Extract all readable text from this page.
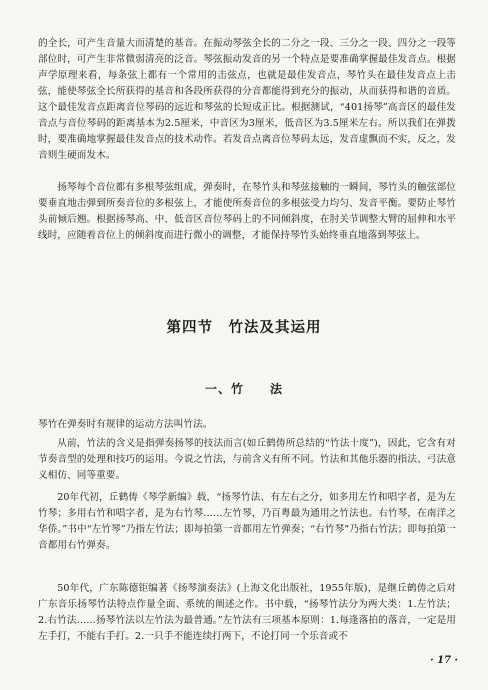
的全长，可产生音量大而清楚的基音。在振动琴弦全长的二分之一段、三分之一段、四分之一段等部位时，可产生非常微弱清亮的泛音。琴弦振动发音的另一个特点是要准确掌握最佳发音点。根据声学原理来看，每条弦上都有一个常用的击弦点，也就是最佳发音点，琴竹头在最佳发音点上击弦，能使琴弦全长所获得的基音和各段所获得的分音都能得到充分的振动，从而获得和谐的音质。这个最佳发音点距离音位琴码的远近和琴弦的长短成正比。根据测试，“401扬琴”高音区的最佳发音点与音位琴码的距离基本为2.5厘米，中音区为3厘米，低音区为3.5厘米左右。所以我们在弹拨时，要准确地掌握最佳发音点的技术动作。若发音点离音位琴码太远，发音虚飘而不实，反之，发音则生硬而发木。

扬琴每个音位都有多根琴弦组成，弹奏时，在琴竹头和琴弦接触的一瞬间，琴竹头的触弦部位要垂直地击弹到所奏音位的多根弦上，才能使所奏音位的多根弦受力均匀、发音平衡。要防止琴竹头前倾后翘。根据扬琴高、中、低音区音位琴码上的不同倾斜度，在肘关节调整大臂的屈伸和水平线时，应随着音位上的倾斜度而进行微小的调整，才能保持琴竹头始终垂直地落到琴弦上。

第四节　竹法及其运用
一、竹　　法

琴竹在弹奏时有规律的运动方法叫竹法。

从前，竹法的含义是指弹奏扬琴的技法而言(如丘鹤俦所总结的“竹法十度”)，因此，它含有对节奏音型的处理和技巧的运用。今说之竹法，与前含义有所不同。竹法和其他乐器的指法、弓法意义相仿、同等重要。

20年代初，丘鹤俦《琴学新编》载，“扬琴竹法、有左右之分，如多用左竹和唱字者，是为左竹琴；多用右竹和唱字者，是为右竹琴……左竹琴，乃百粤最为通用之竹法也。右竹琴，在南洋之华侨。”书中“左竹琴”乃指左竹法；即每拍第一音都用左竹弹奏；“右竹琴”乃指右竹法；即每拍第一音都用右竹弹奏。

50年代，广东陈德钜编著《扬琴演奏法》(上海文化出版社，1955年版)，是继丘鹤俦之后对广东音乐扬琴竹法特点作量全面、系统的阐述之作。书中载，“扬琴竹法分为两大类：1.左竹法；2.右竹法……扬琴竹法以左竹法为最普通。”左竹法有三项基本原则：1.每逢落拍的落音，一定是用左手打，不能右手打。2.一只手不能连续打两下，不论打同一个乐音或不

· 17 ·
